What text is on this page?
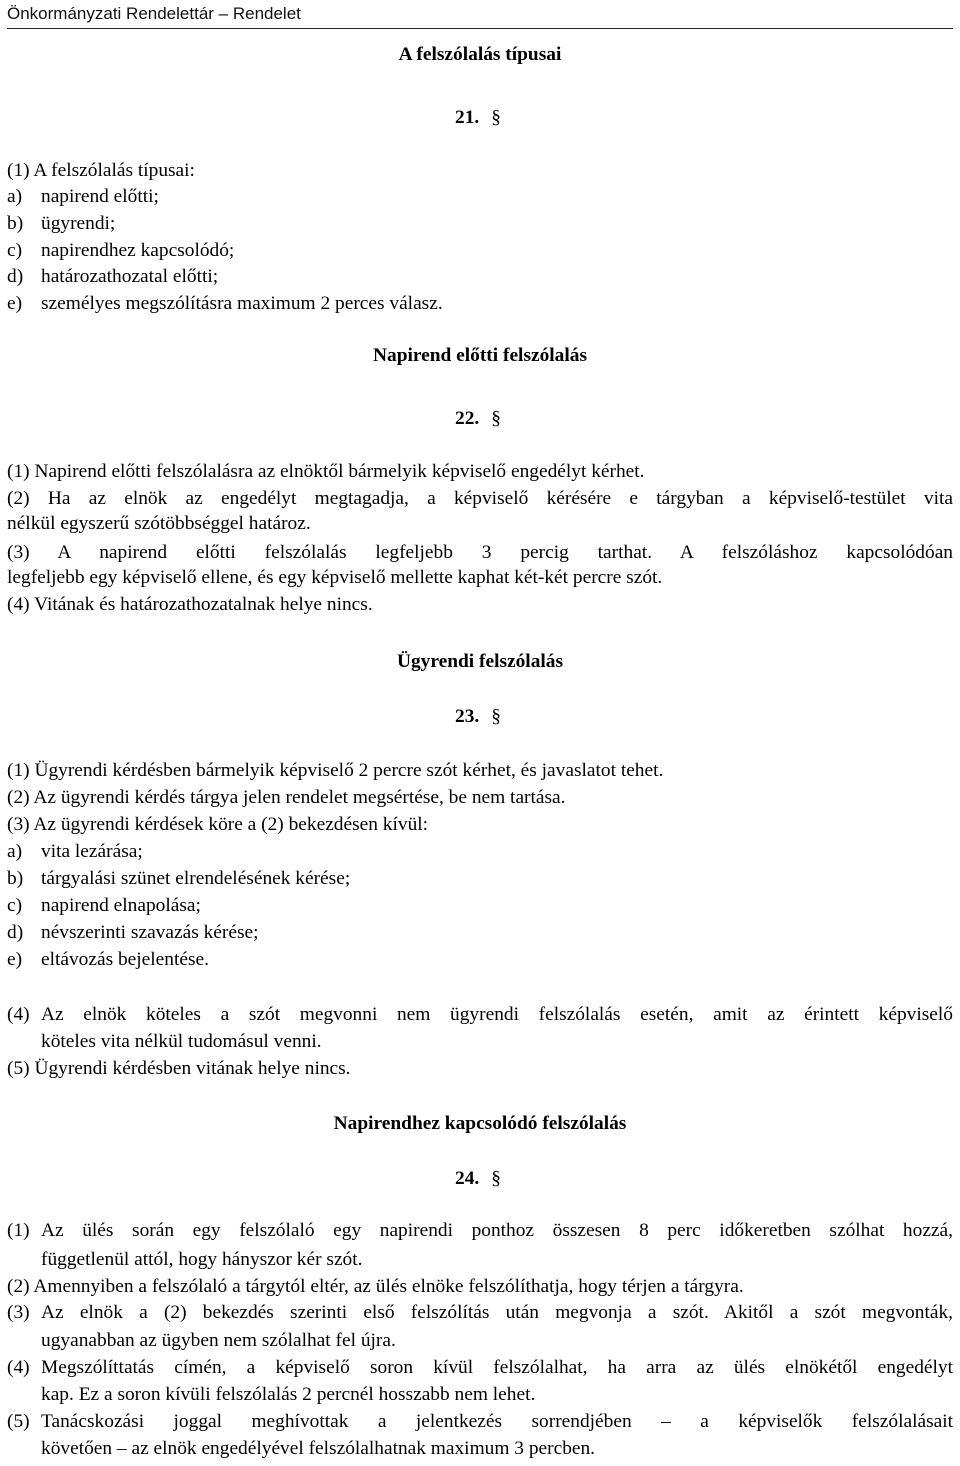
Önkormányzati Rendelettár – Rendelet
A felszólalás típusai
21. §
(1) A felszólalás típusai:
a) napirend előtti;
b) ügyrendi;
c) napirendhez kapcsolódó;
d) határozathozatal előtti;
e) személyes megszólításra maximum 2 perces válasz.
Napirend előtti felszólalás
22. §
(1) Napirend előtti felszólalásra az elnöktől bármelyik képviselő engedélyt kérhet.
(2) Ha az elnök az engedélyt megtagadja, a képviselő kérésére e tárgyban a képviselő-testület vita
nélkül egyszerű szótöbbséggel határoz.
(3) A napirend előtti felszólalás legfeljebb 3 percig tarthat. A felszóláshoz kapcsolódóan
legfeljebb egy képviselő ellene, és egy képviselő mellette kaphat két-két percre szót.
(4) Vitának és határozathozatalnak helye nincs.
Ügyrendi felszólalás
23. §
(1) Ügyrendi kérdésben bármelyik képviselő 2 percre szót kérhet, és javaslatot tehet.
(2) Az ügyrendi kérdés tárgya jelen rendelet megsértése, be nem tartása.
(3) Az ügyrendi kérdések köre a (2) bekezdésen kívül:
a) vita lezárása;
b) tárgyalási szünet elrendelésének kérése;
c) napirend elnapolása;
d) névszerinti szavazás kérése;
e) eltávozás bejelentése.
(4) Az elnök köteles a szót megvonni nem ügyrendi felszólalás esetén, amit az érintett képviselő
köteles vita nélkül tudomásul venni.
(5) Ügyrendi kérdésben vitának helye nincs.
Napirendhez kapcsolódó felszólalás
24. §
(1) Az ülés során egy felszólaló egy napirendi ponthoz összesen 8 perc időkeretben szólhat hozzá,
függetlenül attól, hogy hányszor kér szót.
(2) Amennyiben a felszólaló a tárgytól eltér, az ülés elnöke felszólíthatja, hogy térjen a tárgyra.
(3) Az elnök a (2) bekezdés szerinti első felszólítás után megvonja a szót. Akitől a szót megvonták,
ugyanabban az ügyben nem szólalhat fel újra.
(4) Megszólíttatás címén, a képviselő soron kívül felszólalhat, ha arra az ülés elnökétől engedélyt
kap. Ez a soron kívüli felszólalás 2 percnél hosszabb nem lehet.
(5) Tanácskozási joggal meghívottak a jelentkezés sorrendjében – a képviselők felszólalásait
követően – az elnök engedélyével felszólalhatnak maximum 3 percben.
